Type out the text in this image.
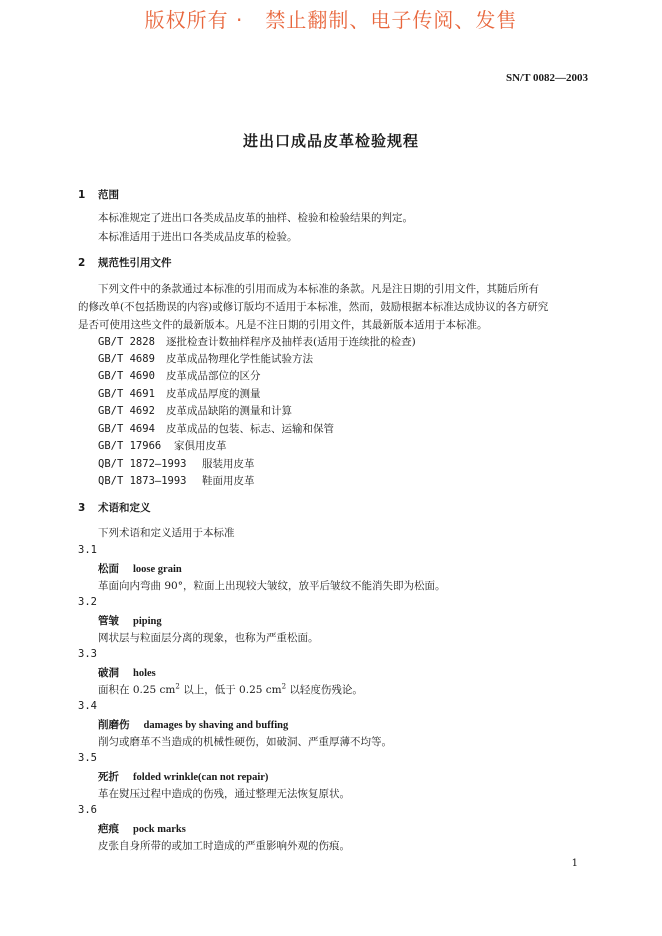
版权所有 ·   禁止翻制、电子传阅、发售
SN/T 0082—2003
进出口成品皮革检验规程
1 范围
本标准规定了进出口各类成品皮革的抽样、检验和检验结果的判定。
本标准适用于进出口各类成品皮革的检验。
2 规范性引用文件
下列文件中的条款通过本标准的引用而成为本标准的条款。凡是注日期的引用文件，其随后所有
的修改单(不包括勘误的内容)或修订版均不适用于本标准，然而，鼓励根据本标准达成协议的各方研究
是否可使用这些文件的最新版本。凡是不注日期的引用文件，其最新版本适用于本标准。
GB/T 2828 逐批检查计数抽样程序及抽样表(适用于连续批的检查)
GB/T 4689 皮革成品物理化学性能试验方法
GB/T 4690 皮革成品部位的区分
GB/T 4691 皮革成品厚度的测量
GB/T 4692 皮革成品缺陷的测量和计算
GB/T 4694 皮革成品的包装、标志、运输和保管
GB/T 17966 家俱用皮革
QB/T 1872—1993 服装用皮革
QB/T 1873—1993 鞋面用皮革
3 术语和定义
下列术语和定义适用于本标准
3.1
松面 loose grain
革面向内弯曲 90°，粒面上出现较大皱纹，放平后皱纹不能消失即为松面。
3.2
管皱 piping
网状层与粒面层分离的现象，也称为严重松面。
3.3
破洞 holes
面积在 0.25 $cm^2$ 以上，低于 0.25 $cm^2$ 以轻度伤残论。
3.4
削磨伤 damages by shaving and buffing
削匀或磨革不当造成的机械性硬伤，如破洞、严重厚薄不均等。
3.5
死折 folded wrinkle(can not repair)
革在熨压过程中造成的伤残，通过整理无法恢复原状。
3.6
疤痕 pock marks
皮张自身所带的或加工时造成的严重影响外观的伤痕。
1
